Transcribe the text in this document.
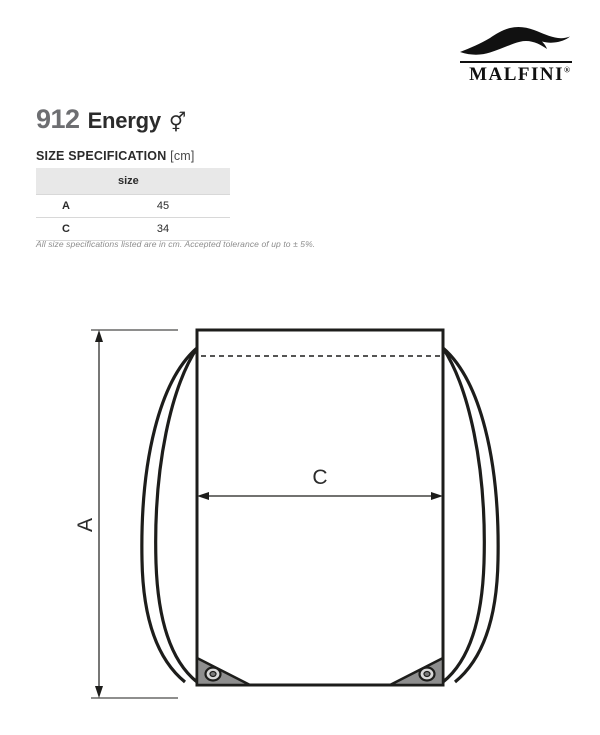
MALFINI®
912 Energy ⚥
SIZE SPECIFICATION [cm]
	size
A	45
C	34
All size specifications listed are in cm. Accepted tolerance of up to ± 5%.
A
C
